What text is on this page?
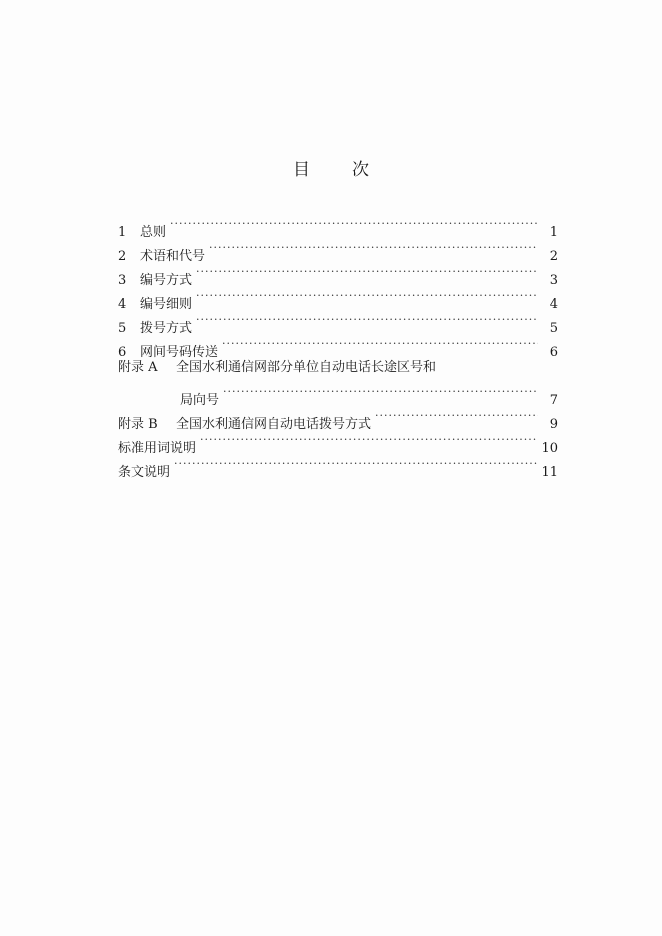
目 次
1	总则 ·····	1
2	术语和代号 ·····	2
3	编号方式 ·····	3
4	编号细则 ·····	4
5	拨号方式 ·····	5
6	网间号码传送 ·····	6
附录 A	全国水利通信网部分单位自动电话长途区号和
局向号 ·····	7
附录 B	全国水利通信网自动电话拨号方式 ·····	9
标准用词说明 ·····	10
条文说明 ·····	11
